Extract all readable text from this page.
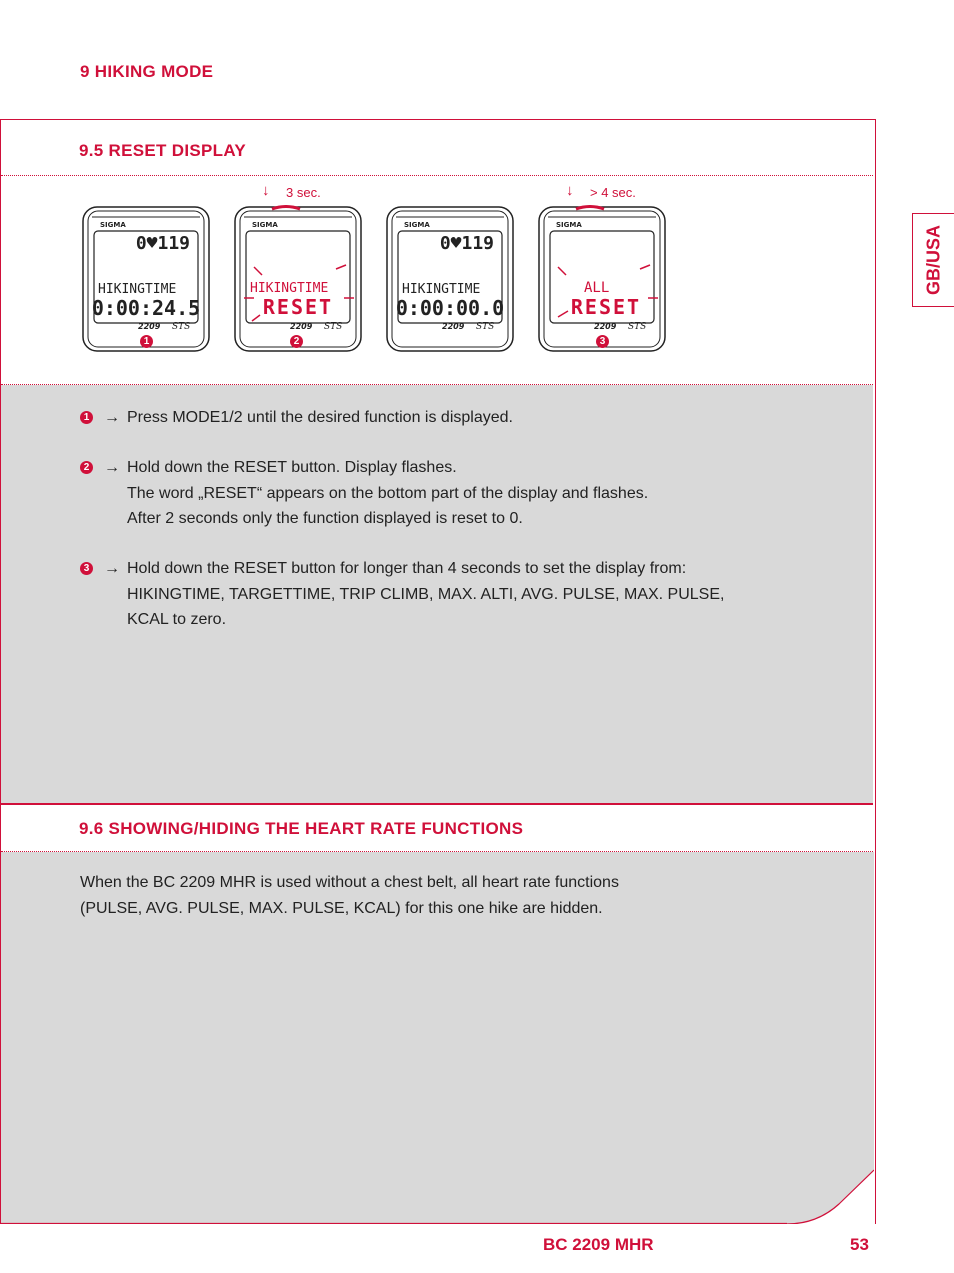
9 HIKING MODE
GB/USA
9.5 RESET DISPLAY
↓ 3 sec.	↓ > 4 sec.
SIGMA
0♥119
HIKINGTIME
0:00:24.5
2209 STS
1
SIGMA
HIKINGTIME
RESET
2209 STS
2
SIGMA
0♥119
HIKINGTIME
0:00:00.0
2209 STS
SIGMA
ALL
RESET
2209 STS
3
1 → Press MODE1/2 until the desired function is displayed.
2 → Hold down the RESET button. Display flashes.
The word „RESET“ appears on the bottom part of the display and flashes.
After 2 seconds only the function displayed is reset to 0.
3 → Hold down the RESET button for longer than 4 seconds to set the display from:
HIKINGTIME, TARGETTIME, TRIP CLIMB, MAX. ALTI, AVG. PULSE, MAX. PULSE,
KCAL to zero.
9.6 SHOWING/HIDING THE HEART RATE FUNCTIONS
When the BC 2209 MHR is used without a chest belt, all heart rate functions
(PULSE, AVG. PULSE, MAX. PULSE, KCAL) for this one hike are hidden.
BC 2209 MHR	53
